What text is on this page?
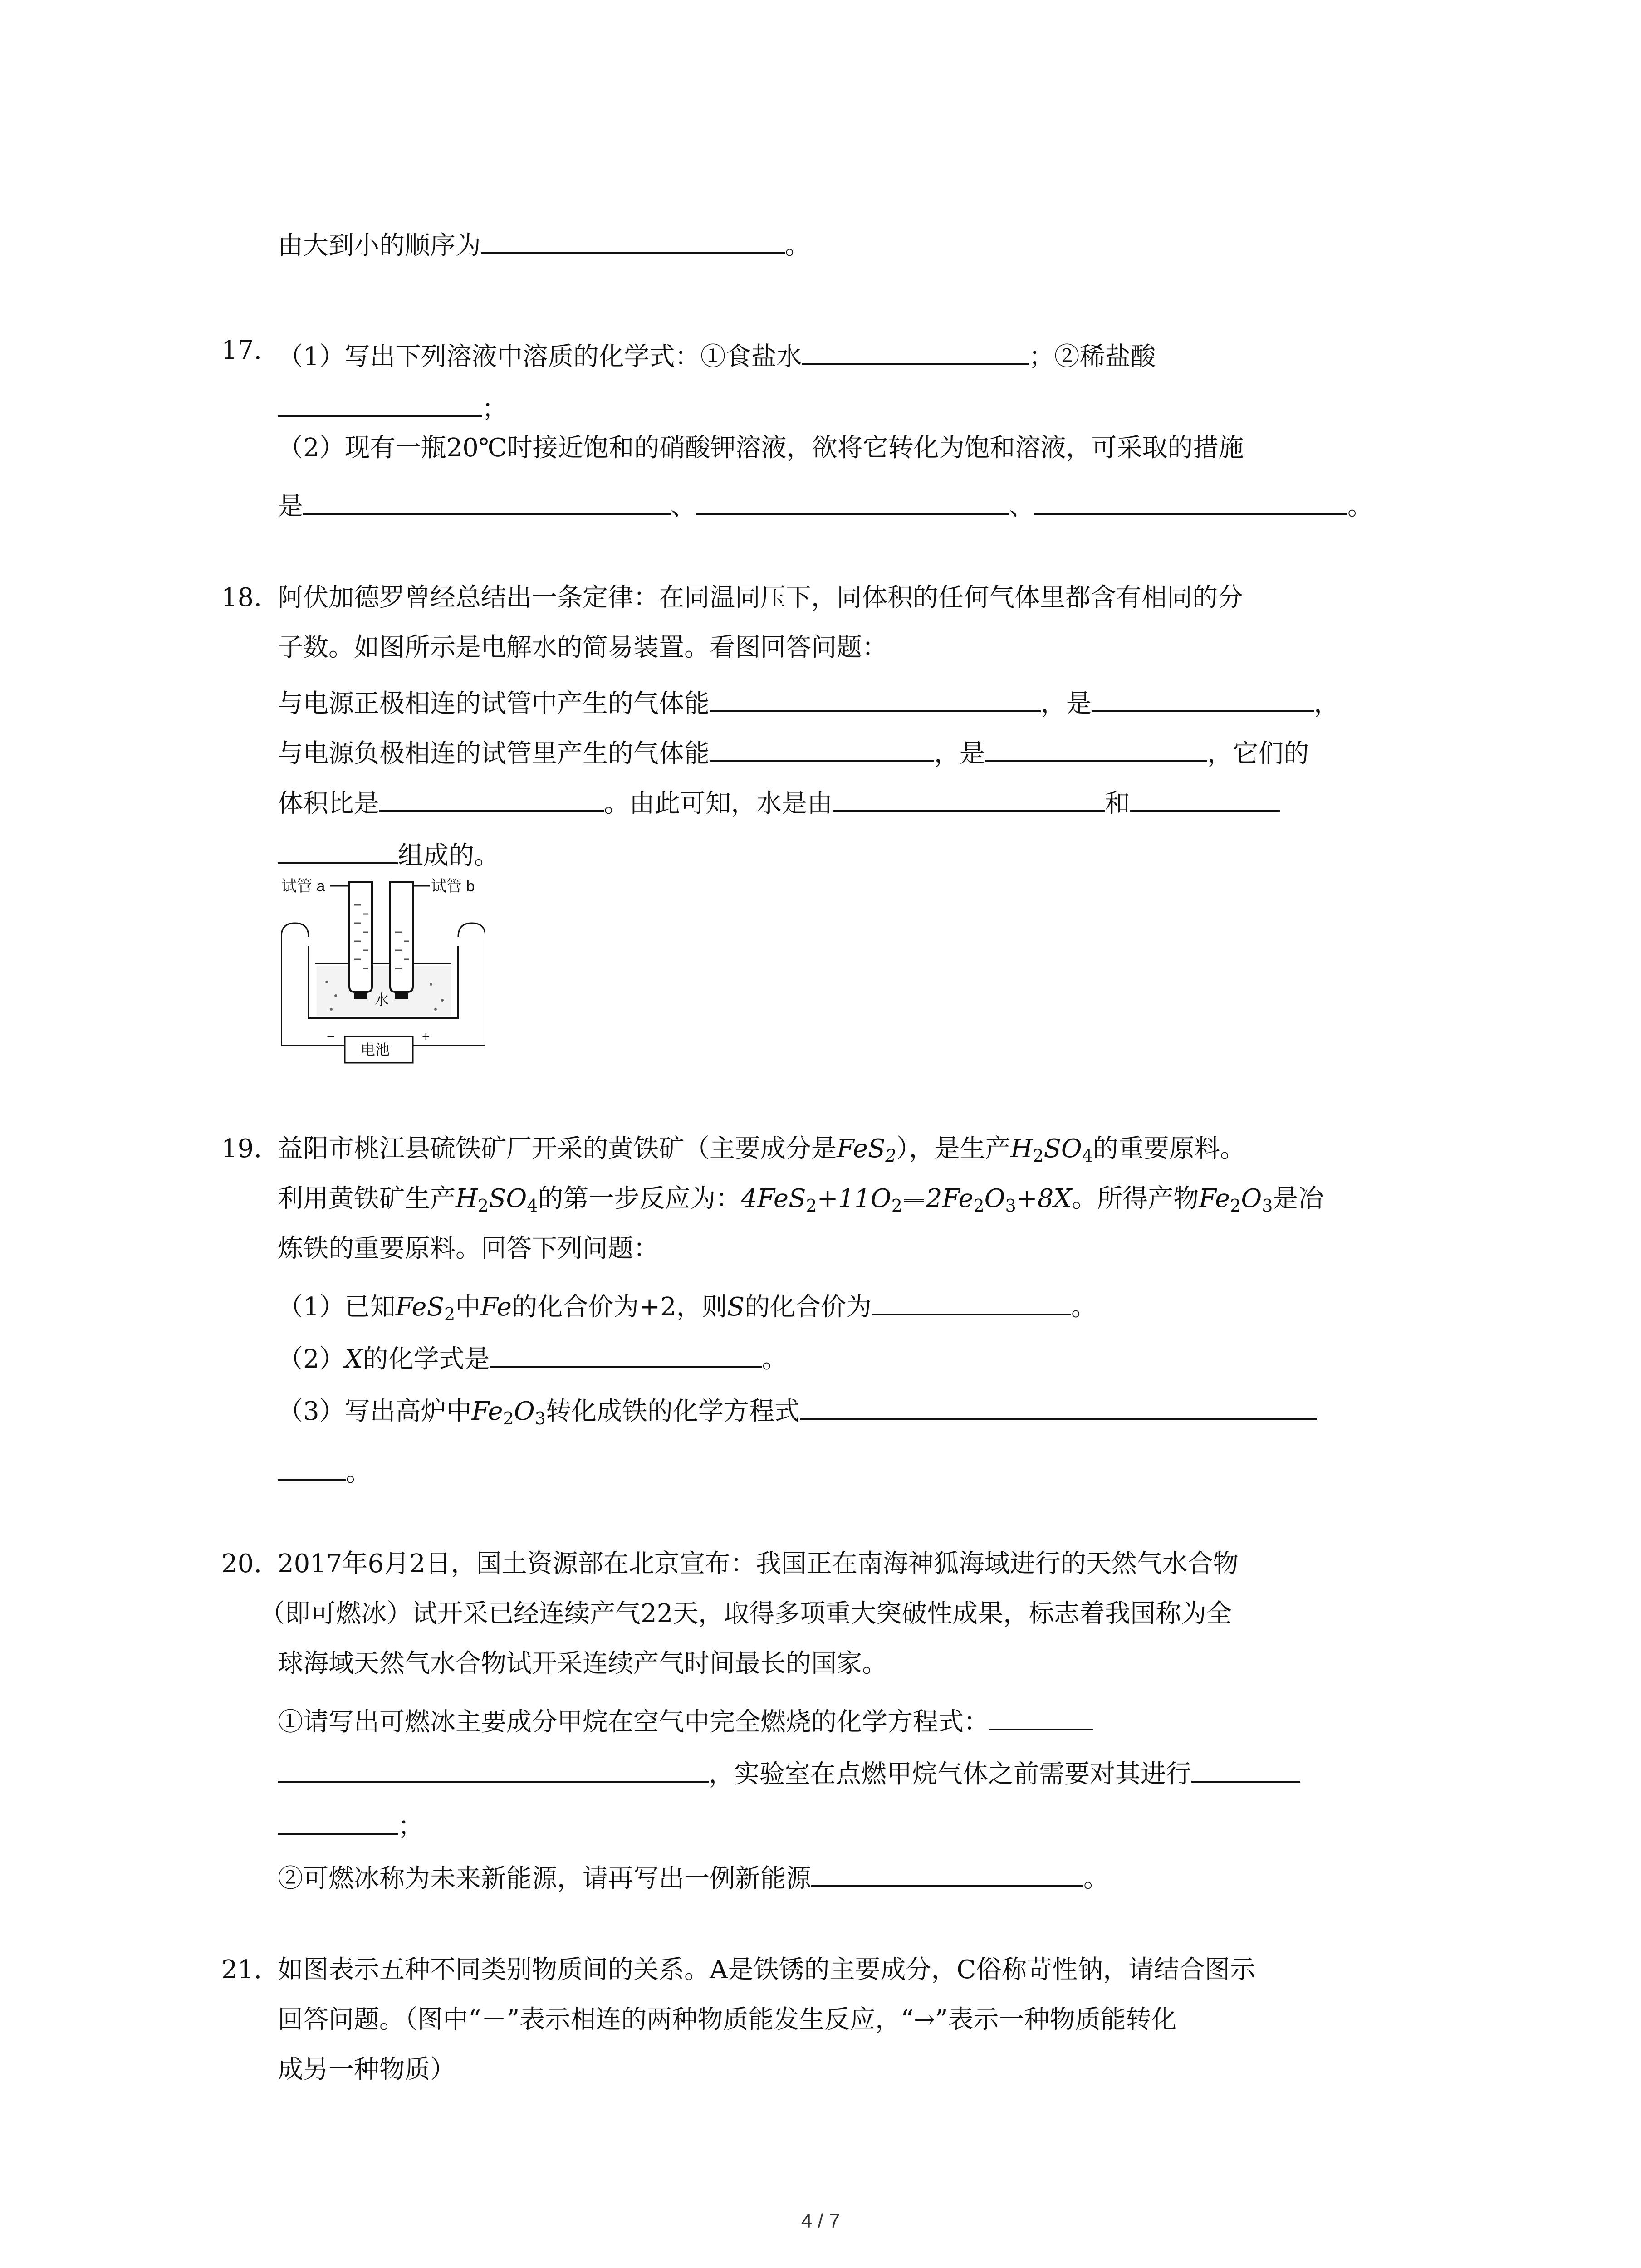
由大到小的顺序为	。
17. （1）写出下列溶液中溶质的化学式：①食盐水	；②稀盐酸
；
（2）现有一瓶20℃时接近饱和的硝酸钾溶液，欲将它转化为饱和溶液，可采取的措施
是	、	、	。
18. 阿伏加德罗曾经总结出一条定律：在同温同压下，同体积的任何气体里都含有相同的分
子数。如图所示是电解水的简易装置。看图回答问题：
与电源正极相连的试管中产生的气体能	，是	，
与电源负极相连的试管里产生的气体能	，是	，它们的
体积比是	。由此可知，水是由	和
组成的。
试管 a	试管 b
水
电池
−	+
19. 益阳市桃江县硫铁矿厂开采的黄铁矿（主要成分是FeS$_2$），是生产$H_2SO_4$的重要原料。
利用黄铁矿生产$H_2SO_4$的第一步反应为：$4FeS_2+11O_2$ $2Fe_2O_3+8X$。所得产物$Fe_2O_3$是冶
炼铁的重要原料。回答下列问题：
（1）已知FeS$_2$中Fe的化合价为+2，则S的化合价为	。
（2）X的化学式是	。
（3）写出高炉中$Fe_2O_3$转化成铁的化学方程式
。
20. 2017年6月2日，国土资源部在北京宣布：我国正在南海神狐海域进行的天然气水合物
（即可燃冰）试开采已经连续产气22天，取得多项重大突破性成果，标志着我国称为全
球海域天然气水合物试开采连续产气时间最长的国家。
①请写出可燃冰主要成分甲烷在空气中完全燃烧的化学方程式：
，实验室在点燃甲烷气体之前需要对其进行
；
②可燃冰称为未来新能源，请再写出一例新能源	。
21. 如图表示五种不同类别物质间的关系。A是铁锈的主要成分，C俗称苛性钠，请结合图示
回答问题。（图中“－”表示相连的两种物质能发生反应，“→”表示一种物质能转化
成另一种物质）
4 / 7
